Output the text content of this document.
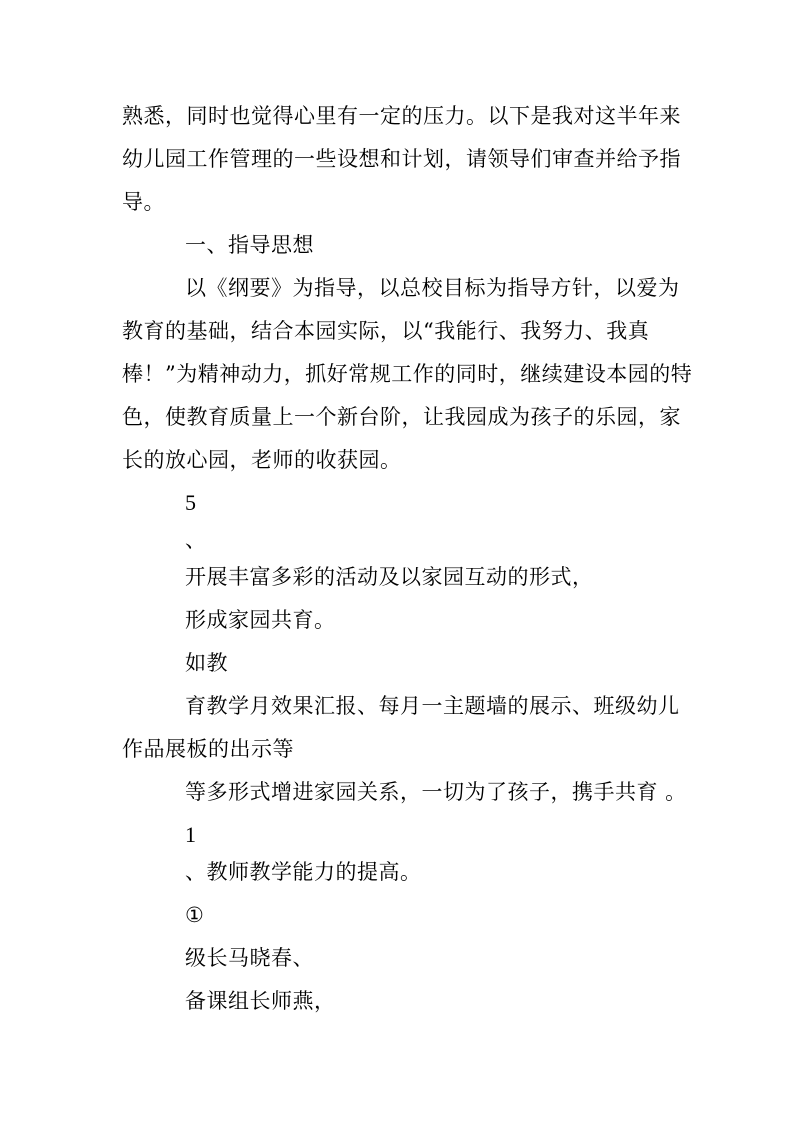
熟悉，同时也觉得心里有一定的压力。以下是我对这半年来
幼儿园工作管理的一些设想和计划，请领导们审查并给予指
导。
一、指导思想
以《纲要》为指导，以总校目标为指导方针，以爱为
教育的基础，结合本园实际，以“我能行、我努力、我真
棒！”为精神动力，抓好常规工作的同时，继续建设本园的特
色，使教育质量上一个新台阶，让我园成为孩子的乐园，家
长的放心园，老师的收获园。
5
、
开展丰富多彩的活动及以家园互动的形式，
形成家园共育。
如教
育教学月效果汇报、每月一主题墙的展示、班级幼儿
作品展板的出示等
等多形式增进家园关系，一切为了孩子，携手共育 。
1
、教师教学能力的提高。
①
级长马晓春、
备课组长师燕，
